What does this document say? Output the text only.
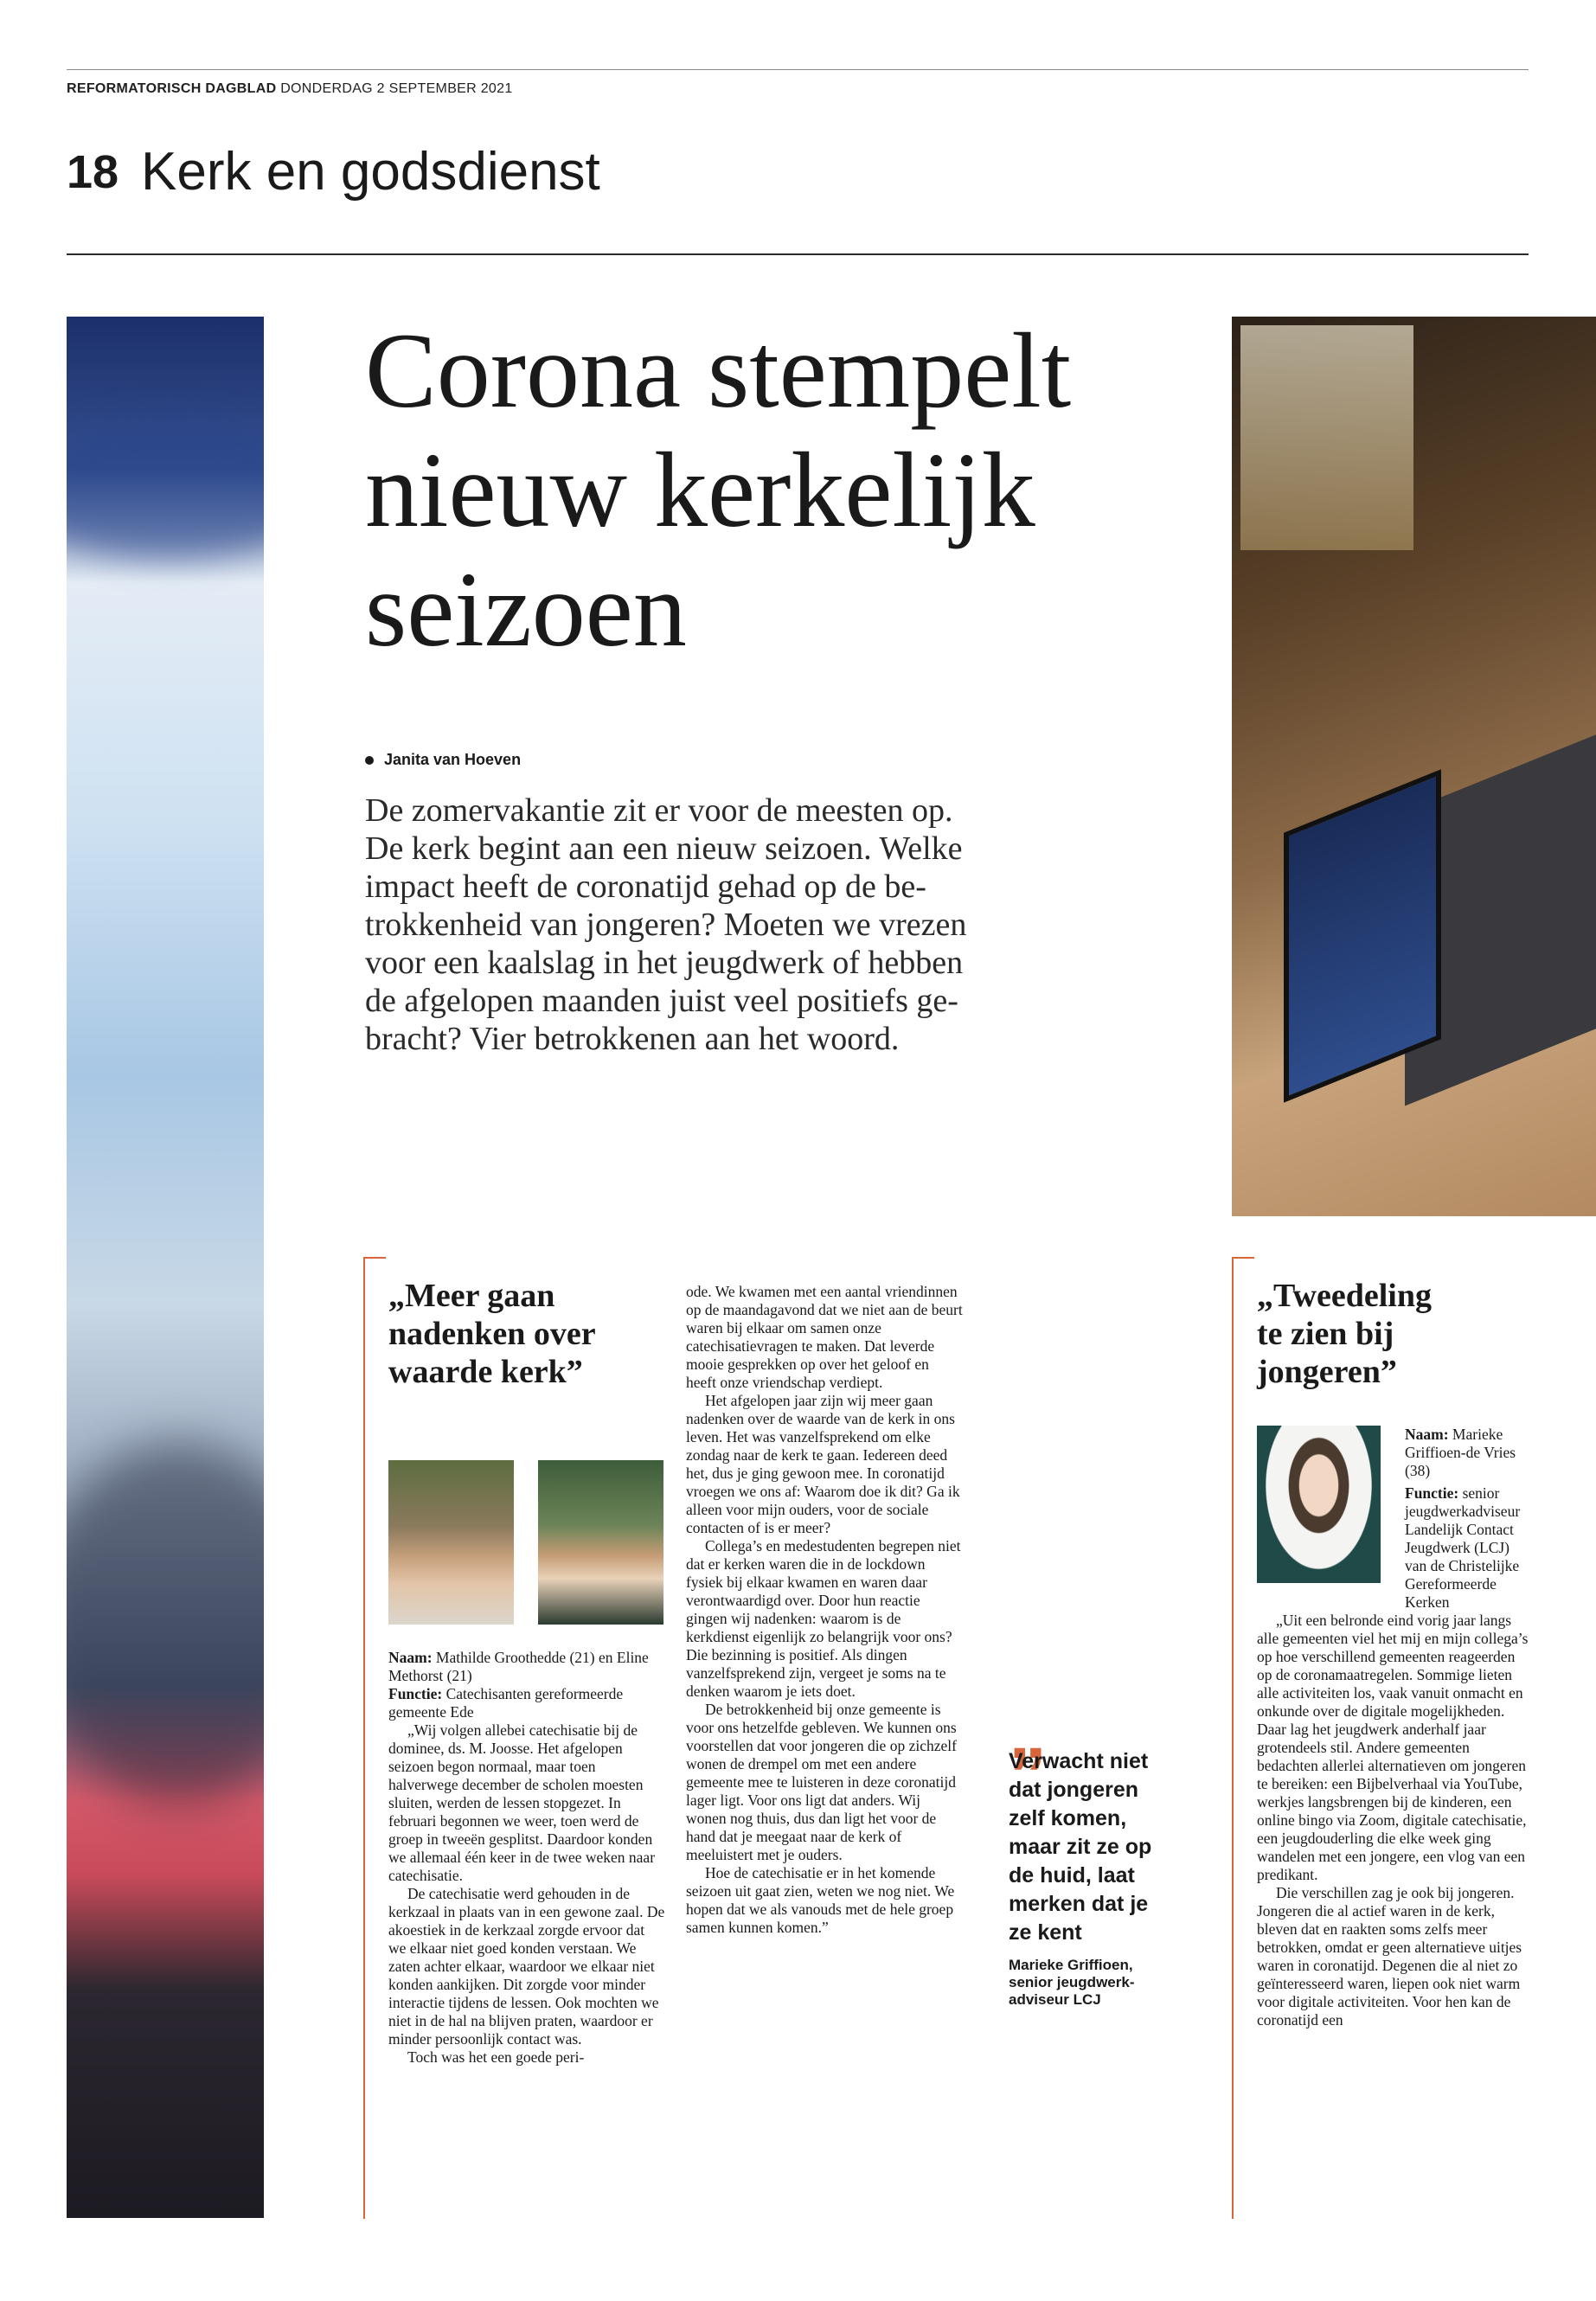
REFORMATORISCH DAGBLAD DONDERDAG 2 SEPTEMBER 2021
18 Kerk en godsdienst
Corona stempelt
nieuw kerkelijk
seizoen
Janita van Hoeven
De zomervakantie zit er voor de meesten op.
De kerk begint aan een nieuw seizoen. Welke
impact heeft de coronatijd gehad op de be-
trokkenheid van jongeren? Moeten we vrezen
voor een kaalslag in het jeugdwerk of hebben
de afgelopen maanden juist veel positiefs ge-
bracht? Vier betrokkenen aan het woord.
„Meer gaan
nadenken over
waarde kerk”

Naam: Mathilde Groothedde (21) en Eline Methorst (21)

Functie: Catechisanten gereformeerde gemeente Ede

„Wij volgen allebei catechisatie bij de dominee, ds. M. Joosse. Het afgelopen seizoen begon normaal, maar toen halverwege december de scholen moesten sluiten, werden de lessen stopgezet. In februari begonnen we weer, toen werd de groep in tweeën gesplitst. Daardoor konden we allemaal één keer in de twee weken naar catechisatie.

De catechisatie werd gehouden in de kerkzaal in plaats van in een gewone zaal. De akoestiek in de kerkzaal zorgde ervoor dat we elkaar niet goed konden verstaan. We zaten achter elkaar, waardoor we elkaar niet konden aankijken. Dit zorgde voor minder interactie tijdens de lessen. Ook mochten we niet in de hal na blijven praten, waardoor er minder persoonlijk contact was.

Toch was het een goede peri-

ode. We kwamen met een aantal vriendinnen op de maandagavond dat we niet aan de beurt waren bij elkaar om samen onze catechisatievragen te maken. Dat leverde mooie gesprekken op over het geloof en heeft onze vriendschap verdiept.

Het afgelopen jaar zijn wij meer gaan nadenken over de waarde van de kerk in ons leven. Het was vanzelfsprekend om elke zondag naar de kerk te gaan. Iedereen deed het, dus je ging gewoon mee. In coronatijd vroegen we ons af: Waarom doe ik dit? Ga ik alleen voor mijn ouders, voor de sociale contacten of is er meer?

Collega’s en medestudenten begrepen niet dat er kerken waren die in de lockdown fysiek bij elkaar kwamen en waren daar verontwaardigd over. Door hun reactie gingen wij nadenken: waarom is de kerkdienst eigenlijk zo belangrijk voor ons? Die bezinning is positief. Als dingen vanzelfsprekend zijn, vergeet je soms na te denken waarom je iets doet.

De betrokkenheid bij onze gemeente is voor ons hetzelfde gebleven. We kunnen ons voorstellen dat voor jongeren die op zichzelf wonen de drempel om met een andere gemeente mee te luisteren in deze coronatijd lager ligt. Voor ons ligt dat anders. Wij wonen nog thuis, dus dan ligt het voor de hand dat je meegaat naar de kerk of meeluistert met je ouders.

Hoe de catechisatie er in het komende seizoen uit gaat zien, weten we nog niet. We hopen dat we als vanouds met de hele groep samen kunnen komen.”

„
Verwacht niet dat jongeren zelf komen, maar zit ze op de huid, laat merken dat je ze kent
Marieke Griffioen, senior jeugdwerk-adviseur LCJ
„Tweedeling
te zien bij
jongeren”

Naam: Marieke Griffioen-de Vries (38)

Functie: senior jeugdwerkadviseur Landelijk Contact Jeugdwerk (LCJ) van de Christelijke Gereformeerde Kerken

„Uit een belronde eind vorig jaar langs alle gemeenten viel het mij en mijn collega’s op hoe verschillend gemeenten reageerden op de coronamaatregelen. Sommige lieten alle activiteiten los, vaak vanuit onmacht en onkunde over de digitale mogelijkheden. Daar lag het jeugdwerk anderhalf jaar grotendeels stil. Andere gemeenten bedachten allerlei alternatieven om jongeren te bereiken: een Bijbelverhaal via YouTube, werkjes langsbrengen bij de kinderen, een online bingo via Zoom, digitale catechisatie, een jeugdouderling die elke week ging wandelen met een jongere, een vlog van een predikant.

Die verschillen zag je ook bij jongeren. Jongeren die al actief waren in de kerk, bleven dat en raakten soms zelfs meer betrokken, omdat er geen alternatieve uitjes waren in coronatijd. Degenen die al niet zo geïnteresseerd waren, liepen ook niet warm voor digitale activiteiten. Voor hen kan de coronatijd een
